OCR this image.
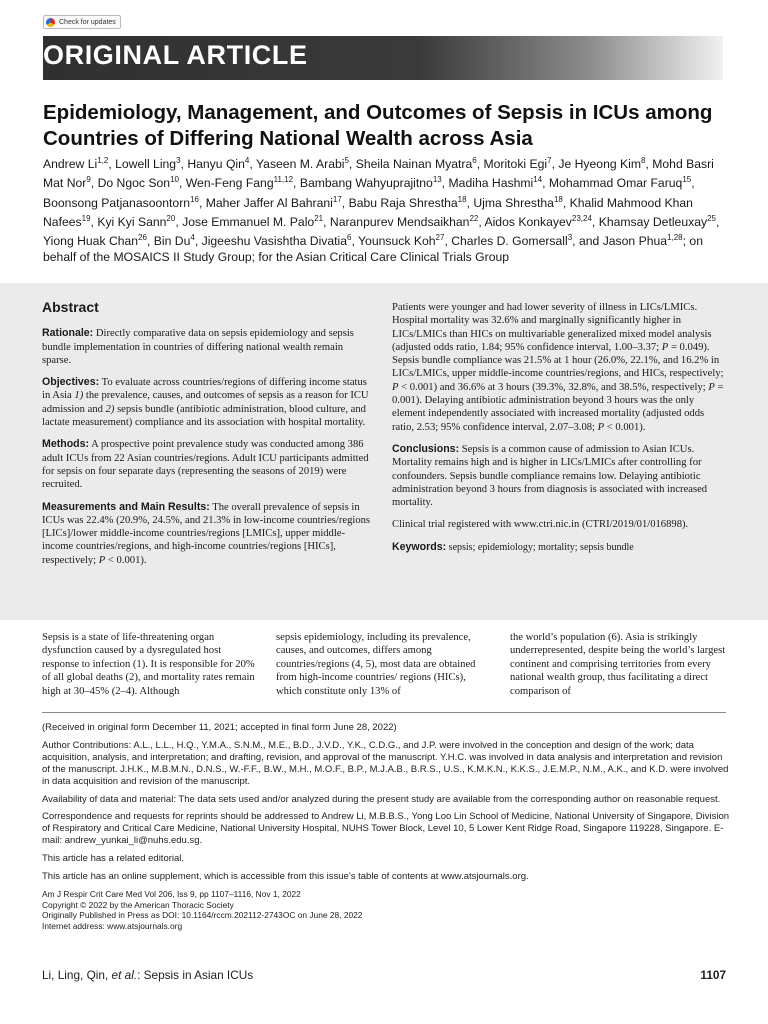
Check for updates
ORIGINAL ARTICLE
Epidemiology, Management, and Outcomes of Sepsis in ICUs among Countries of Differing National Wealth across Asia
Andrew Li$^{1,2}$, Lowell Ling$^3$, Hanyu Qin$^4$, Yaseen M. Arabi$^5$, Sheila Nainan Myatra$^6$, Moritoki Egi$^7$, Je Hyeong Kim$^8$, Mohd Basri Mat Nor$^9$, Do Ngoc Son$^{10}$, Wen-Feng Fang$^{11,12}$, Bambang Wahyuprajitno$^{13}$, Madiha Hashmi$^{14}$, Mohammad Omar Faruq$^{15}$, Boonsong Patjanasoontorn$^{16}$, Maher Jaffer Al Bahrani$^{17}$, Babu Raja Shrestha$^{18}$, Ujma Shrestha$^{18}$, Khalid Mahmood Khan Nafees$^{19}$, Kyi Kyi Sann$^{20}$, Jose Emmanuel M. Palo$^{21}$, Naranpurev Mendsaikhan$^{22}$, Aidos Konkayev$^{23,24}$, Khamsay Detleuxay$^{25}$, Yiong Huak Chan$^{26}$, Bin Du$^4$, Jigeeshu Vasishtha Divatia$^6$, Younsuck Koh$^{27}$, Charles D. Gomersall$^3$, and Jason Phua$^{1,28}$; on behalf of the MOSAICS II Study Group; for the Asian Critical Care Clinical Trials Group
Abstract

Rationale: Directly comparative data on sepsis epidemiology and sepsis bundle implementation in countries of differing national wealth remain sparse.

Objectives: To evaluate across countries/regions of differing income status in Asia 1) the prevalence, causes, and outcomes of sepsis as a reason for ICU admission and 2) sepsis bundle (antibiotic administration, blood culture, and lactate measurement) compliance and its association with hospital mortality.

Methods: A prospective point prevalence study was conducted among 386 adult ICUs from 22 Asian countries/regions. Adult ICU participants admitted for sepsis on four separate days (representing the seasons of 2019) were recruited.

Measurements and Main Results: The overall prevalence of sepsis in ICUs was 22.4% (20.9%, 24.5%, and 21.3% in low-income countries/regions [LICs]/lower middle-income countries/regions [LMICs], upper middle-income countries/regions, and high-income countries/regions [HICs], respectively; P < 0.001).

Patients were younger and had lower severity of illness in LICs/LMICs. Hospital mortality was 32.6% and marginally significantly higher in LICs/LMICs than HICs on multivariable generalized mixed model analysis (adjusted odds ratio, 1.84; 95% confidence interval, 1.00–3.37; P = 0.049). Sepsis bundle compliance was 21.5% at 1 hour (26.0%, 22.1%, and 16.2% in LICs/LMICs, upper middle-income countries/regions, and HICs, respectively; P < 0.001) and 36.6% at 3 hours (39.3%, 32.8%, and 38.5%, respectively; P = 0.001). Delaying antibiotic administration beyond 3 hours was the only element independently associated with increased mortality (adjusted odds ratio, 2.53; 95% confidence interval, 2.07–3.08; P < 0.001).

Conclusions: Sepsis is a common cause of admission to Asian ICUs. Mortality remains high and is higher in LICs/LMICs after controlling for confounders. Sepsis bundle compliance remains low. Delaying antibiotic administration beyond 3 hours from diagnosis is associated with increased mortality.

Clinical trial registered with www.ctri.nic.in (CTRI/2019/01/016898).

Keywords: sepsis; epidemiology; mortality; sepsis bundle

Sepsis is a state of life-threatening organ dysfunction caused by a dysregulated host response to infection (1). It is responsible for 20% of all global deaths (2), and mortality rates remain high at 30–45% (2–4). Although

sepsis epidemiology, including its prevalence, causes, and outcomes, differs among countries/regions (4, 5), most data are obtained from high-income countries/ regions (HICs), which constitute only 13% of

the world’s population (6). Asia is strikingly underrepresented, despite being the world’s largest continent and comprising territories from every national wealth group, thus facilitating a direct comparison of

(Received in original form December 11, 2021; accepted in final form June 28, 2022)

Author Contributions: A.L., L.L., H.Q., Y.M.A., S.N.M., M.E., B.D., J.V.D., Y.K., C.D.G., and J.P. were involved in the conception and design of the work; data acquisition, analysis, and interpretation; and drafting, revision, and approval of the manuscript. Y.H.C. was involved in data analysis and interpretation and revision of the manuscript. J.H.K., M.B.M.N., D.N.S., W.-F.F., B.W., M.H., M.O.F., B.P., M.J.A.B., B.R.S., U.S., K.M.K.N., K.K.S., J.E.M.P., N.M., A.K., and K.D. were involved in data acquisition and revision of the manuscript.

Availability of data and material: The data sets used and/or analyzed during the present study are available from the corresponding author on reasonable request.

Correspondence and requests for reprints should be addressed to Andrew Li, M.B.B.S., Yong Loo Lin School of Medicine, National University of Singapore, Division of Respiratory and Critical Care Medicine, National University Hospital, NUHS Tower Block, Level 10, 5 Lower Kent Ridge Road, Singapore 119228, Singapore. E-mail: andrew_yunkai_li@nuhs.edu.sg.

This article has a related editorial.

This article has an online supplement, which is accessible from this issue’s table of contents at www.atsjournals.org.

Am J Respir Crit Care Med Vol 206, Iss 9, pp 1107–1116, Nov 1, 2022

Copyright © 2022 by the American Thoracic Society

Originally Published in Press as DOI: 10.1164/rccm.202112-2743OC on June 28, 2022

Internet address: www.atsjournals.org

Li, Ling, Qin, et al.: Sepsis in Asian ICUs	1107
